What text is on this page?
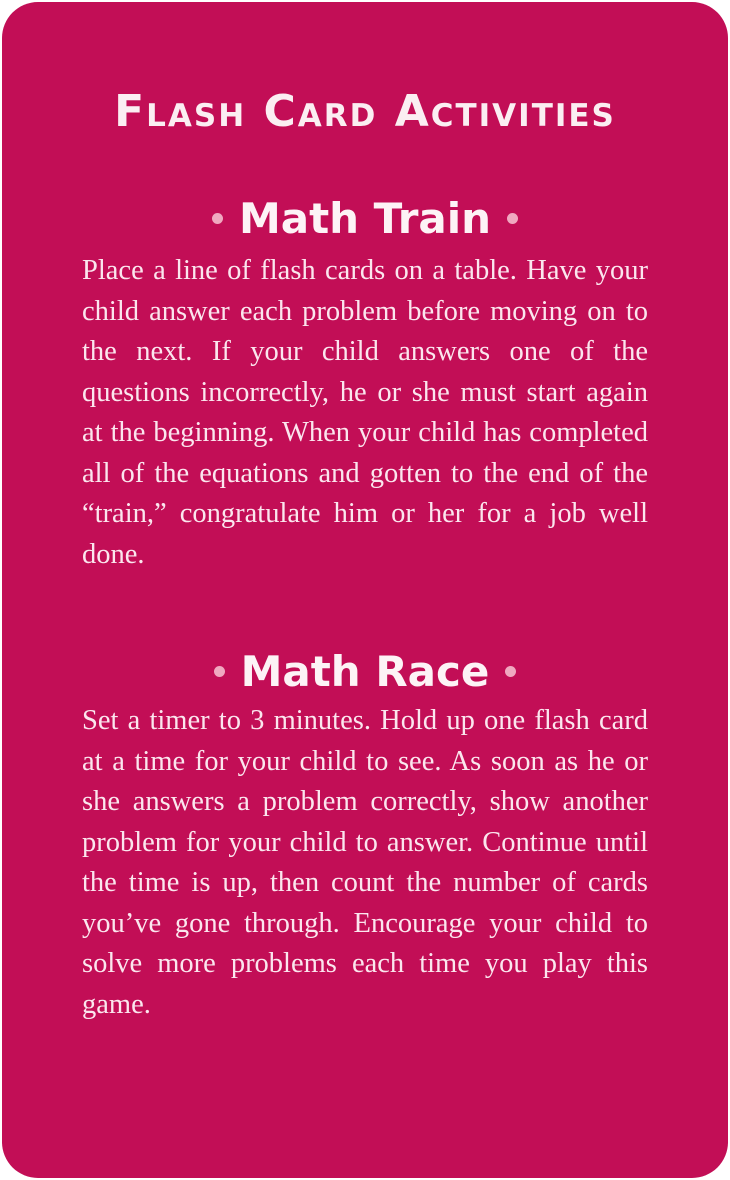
Flash Card Activities
Math Train
Place a line of flash cards on a table. Have your child answer each problem before moving on to the next. If your child answers one of the questions incorrectly, he or she must start again at the beginning. When your child has completed all of the equations and gotten to the end of the “train,” congratulate him or her for a job well done.
Math Race
Set a timer to 3 minutes. Hold up one flash card at a time for your child to see. As soon as he or she answers a problem correctly, show another problem for your child to answer. Continue until the time is up, then count the number of cards you’ve gone through. Encourage your child to solve more problems each time you play this game.
